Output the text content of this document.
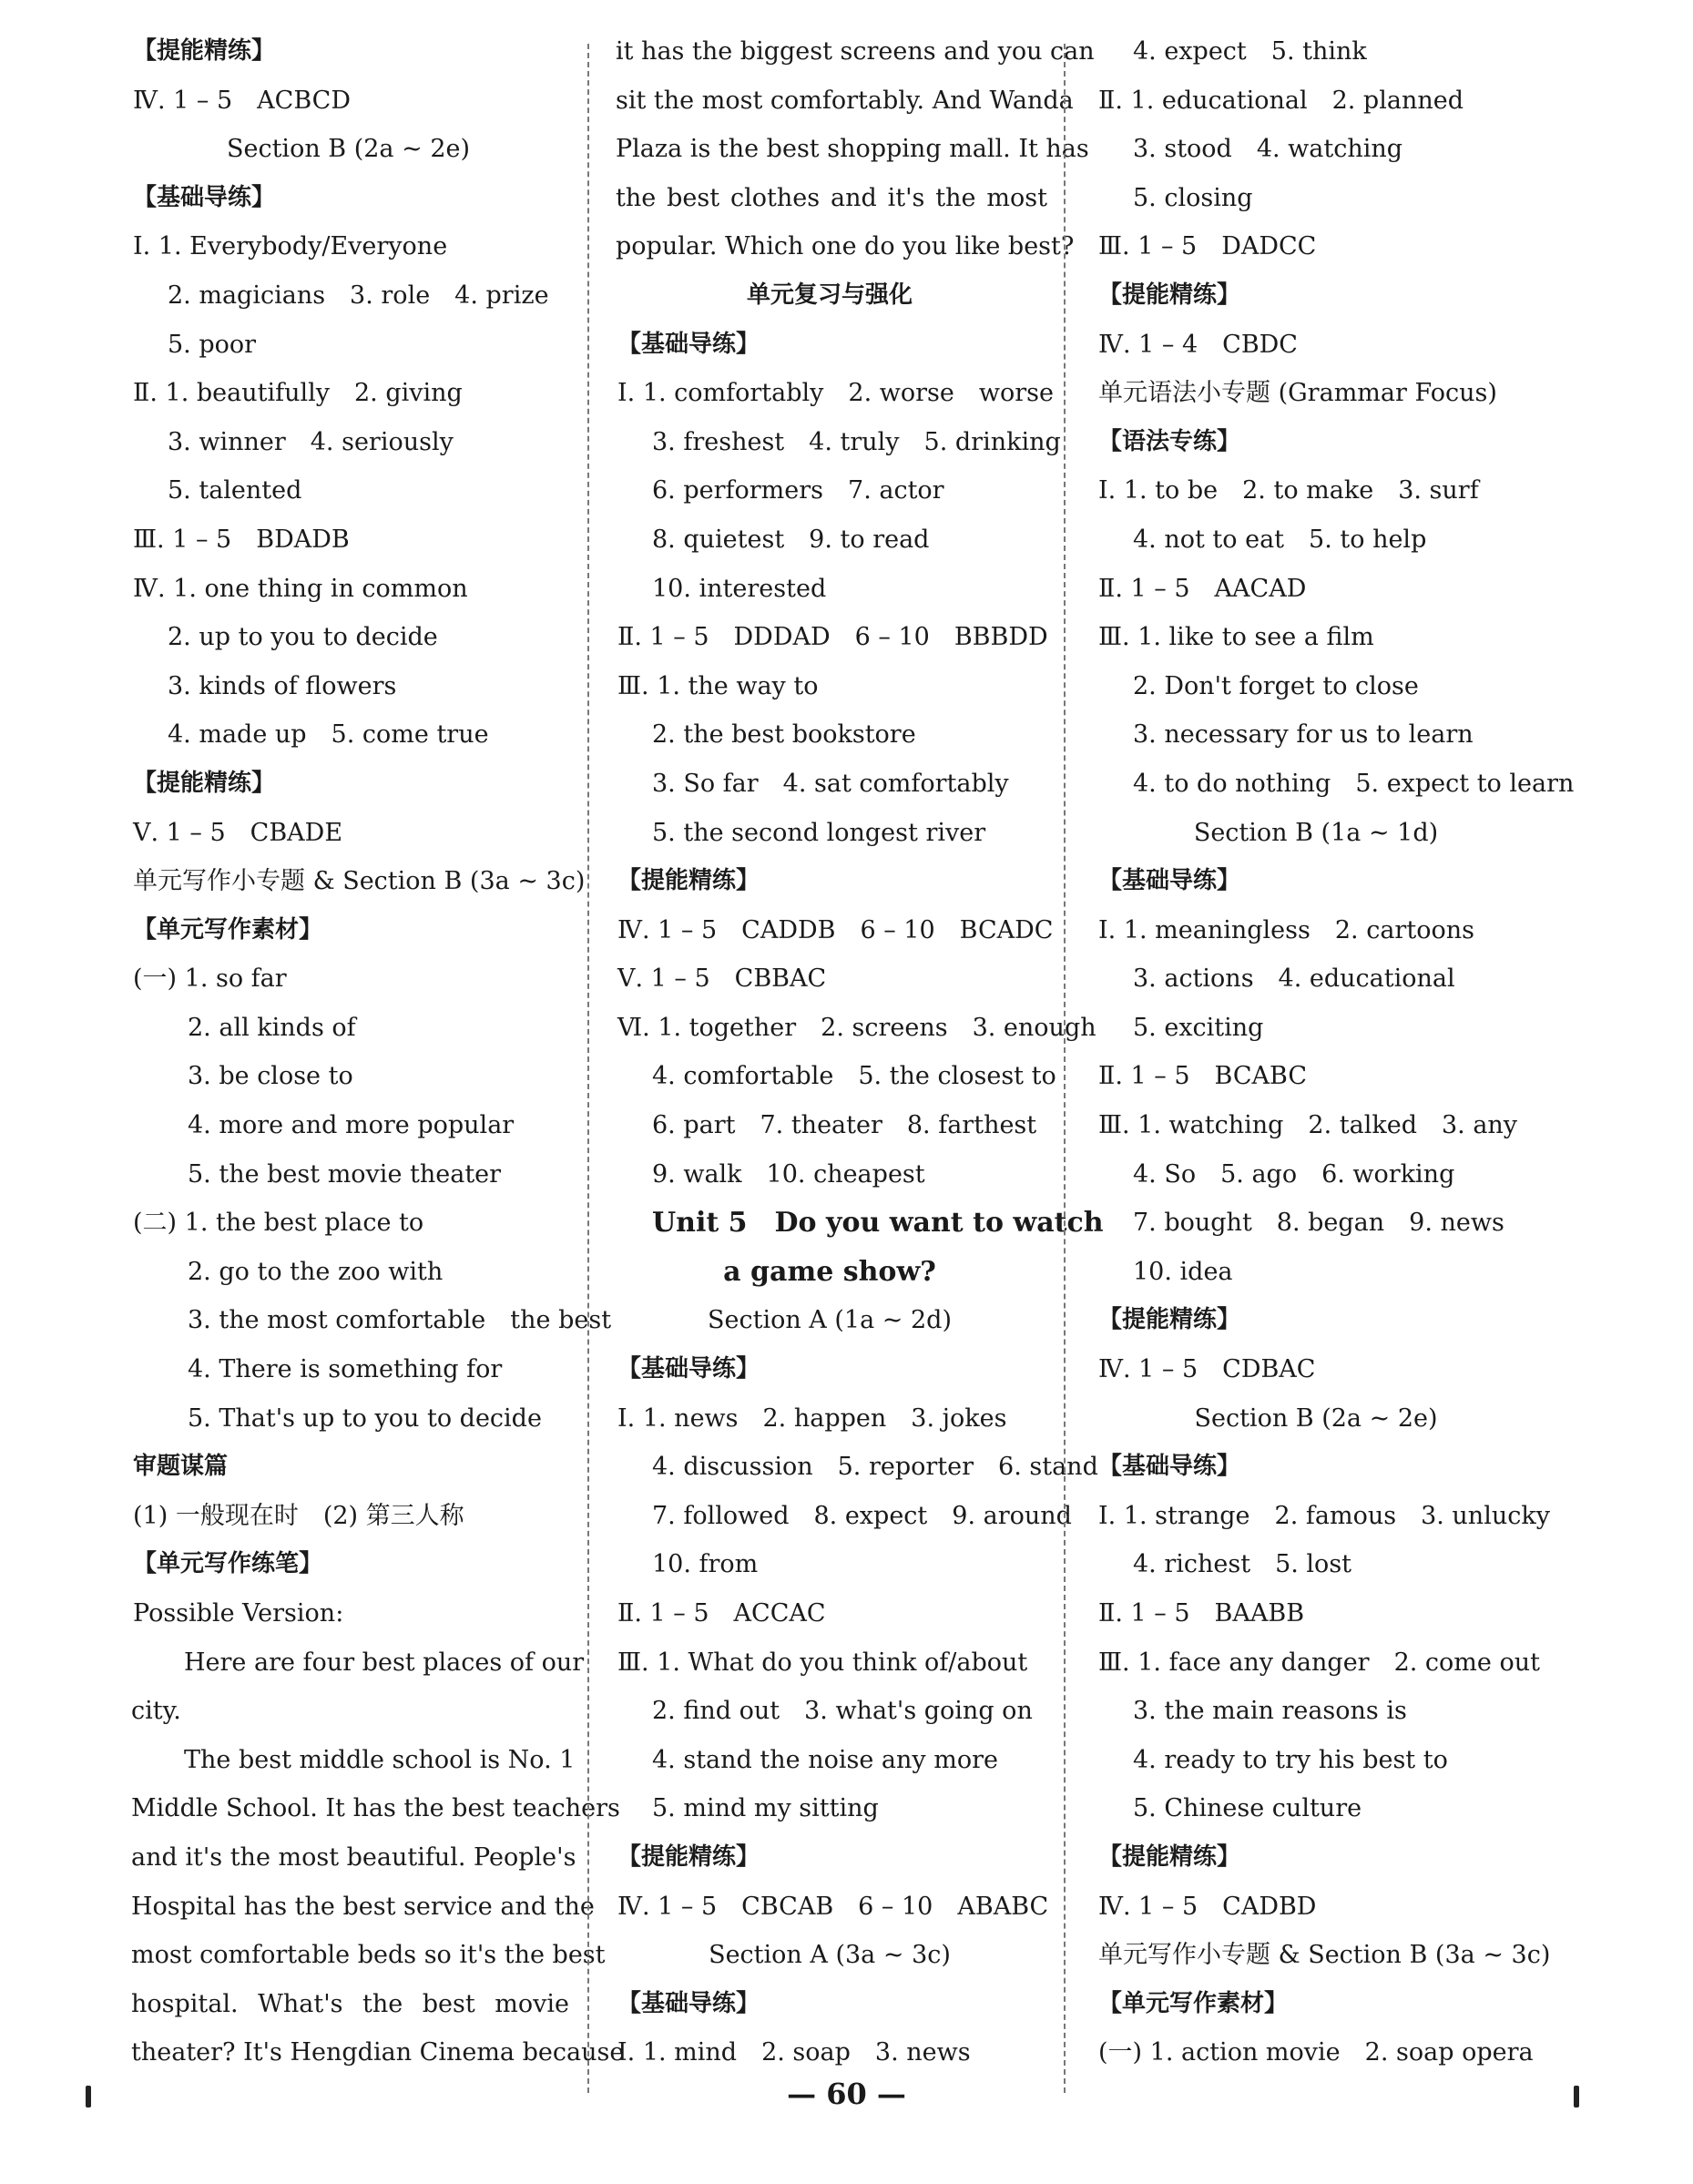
【提能精练】
Ⅳ. 1 – 5　ACBCD
Section B (2a ~ 2e)
【基础导练】
Ⅰ. 1. Everybody/Everyone
2. magicians　3. role　4. prize
5. poor
Ⅱ. 1. beautifully　2. giving
3. winner　4. seriously
5. talented
Ⅲ. 1 – 5　BDADB
Ⅳ. 1. one thing in common
2. up to you to decide
3. kinds of flowers
4. made up　5. come true
【提能精练】
Ⅴ. 1 – 5　CBADE
单元写作小专题 & Section B (3a ~ 3c)
【单元写作素材】
(一) 1. so far
2. all kinds of
3. be close to
4. more and more popular
5. the best movie theater
(二) 1. the best place to
2. go to the zoo with
3. the most comfortable　the best
4. There is something for
5. That's up to you to decide
审题谋篇
(1) 一般现在时　(2) 第三人称
【单元写作练笔】
Possible Version:
Here are four best places of our
city.
The best middle school is No. 1
Middle School. It has the best teachers
and it's the most beautiful. People's
Hospital has the best service and the
most comfortable beds so it's the best
hospital. What's the best movie
theater? It's Hengdian Cinema because
it has the biggest screens and you can
sit the most comfortably. And Wanda
Plaza is the best shopping mall. It has
the best clothes and it's the most
popular. Which one do you like best?
单元复习与强化
【基础导练】
Ⅰ. 1. comfortably　2. worse　worse
3. freshest　4. truly　5. drinking
6. performers　7. actor
8. quietest　9. to read
10. interested
Ⅱ. 1 – 5　DDDAD　6 – 10　BBBDD
Ⅲ. 1. the way to
2. the best bookstore
3. So far　4. sat comfortably
5. the second longest river
【提能精练】
Ⅳ. 1 – 5　CADDB　6 – 10　BCADC
Ⅴ. 1 – 5　CBBAC
Ⅵ. 1. together　2. screens　3. enough
4. comfortable　5. the closest to
6. part　7. theater　8. farthest
9. walk　10. cheapest
Unit 5　Do you want to watch
a game show?
Section A (1a ~ 2d)
【基础导练】
Ⅰ. 1. news　2. happen　3. jokes
4. discussion　5. reporter　6. stand
7. followed　8. expect　9. around
10. from
Ⅱ. 1 – 5　ACCAC
Ⅲ. 1. What do you think of/about
2. find out　3. what's going on
4. stand the noise any more
5. mind my sitting
【提能精练】
Ⅳ. 1 – 5　CBCAB　6 – 10　ABABC
Section A (3a ~ 3c)
【基础导练】
Ⅰ. 1. mind　2. soap　3. news
4. expect　5. think
Ⅱ. 1. educational　2. planned
3. stood　4. watching
5. closing
Ⅲ. 1 – 5　DADCC
【提能精练】
Ⅳ. 1 – 4　CBDC
单元语法小专题 (Grammar Focus)
【语法专练】
Ⅰ. 1. to be　2. to make　3. surf
4. not to eat　5. to help
Ⅱ. 1 – 5　AACAD
Ⅲ. 1. like to see a film
2. Don't forget to close
3. necessary for us to learn
4. to do nothing　5. expect to learn
Section B (1a ~ 1d)
【基础导练】
Ⅰ. 1. meaningless　2. cartoons
3. actions　4. educational
5. exciting
Ⅱ. 1 – 5　BCABC
Ⅲ. 1. watching　2. talked　3. any
4. So　5. ago　6. working
7. bought　8. began　9. news
10. idea
【提能精练】
Ⅳ. 1 – 5　CDBAC
Section B (2a ~ 2e)
【基础导练】
Ⅰ. 1. strange　2. famous　3. unlucky
4. richest　5. lost
Ⅱ. 1 – 5　BAABB
Ⅲ. 1. face any danger　2. come out
3. the main reasons is
4. ready to try his best to
5. Chinese culture
【提能精练】
Ⅳ. 1 – 5　CADBD
单元写作小专题 & Section B (3a ~ 3c)
【单元写作素材】
(一) 1. action movie　2. soap opera
— 60 —
